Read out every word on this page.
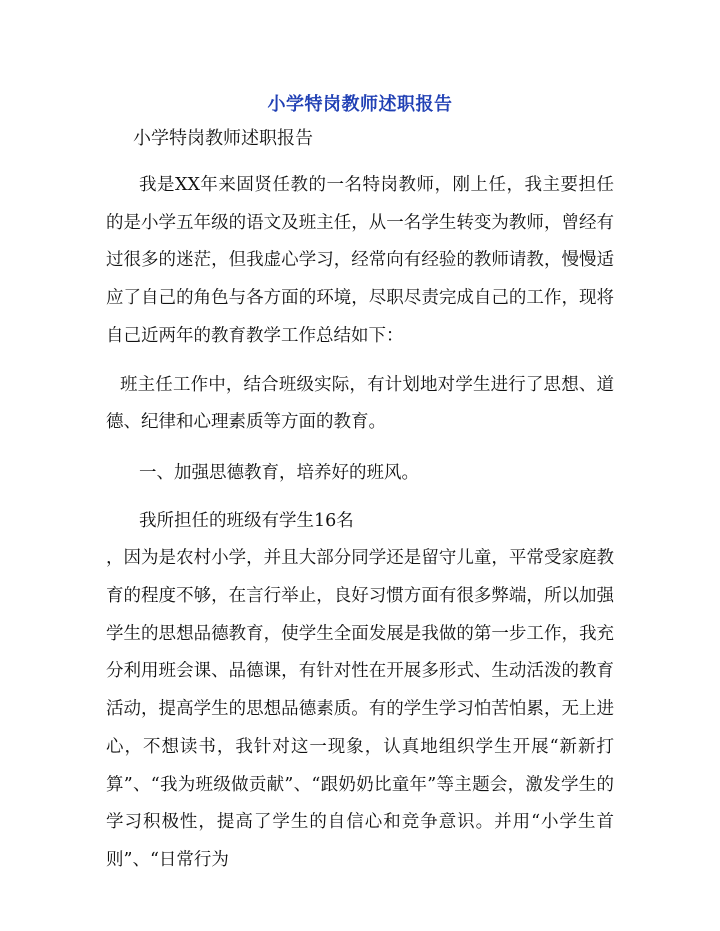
小学特岗教师述职报告

小学特岗教师述职报告

我是XX年来固贤任教的一名特岗教师，刚上任，我主要担任的是小学五年级的语文及班主任，从一名学生转变为教师，曾经有过很多的迷茫，但我虚心学习，经常向有经验的教师请教，慢慢适应了自己的角色与各方面的环境，尽职尽责完成自己的工作，现将自己近两年的教育教学工作总结如下：

班主任工作中，结合班级实际，有计划地对学生进行了思想、道德、纪律和心理素质等方面的教育。

一、加强思德教育，培养好的班风。

我所担任的班级有学生16名

，因为是农村小学，并且大部分同学还是留守儿童，平常受家庭教育的程度不够，在言行举止，良好习惯方面有很多弊端，所以加强学生的思想品德教育，使学生全面发展是我做的第一步工作，我充分利用班会课、品德课，有针对性在开展多形式、生动活泼的教育活动，提高学生的思想品德素质。有的学生学习怕苦怕累，无上进心，不想读书，我针对这一现象，认真地组织学生开展“新新打算”、“我为班级做贡献”、“跟奶奶比童年”等主题会，激发学生的学习积极性，提高了学生的自信心和竞争意识。并用“小学生首则”、“日常行为
